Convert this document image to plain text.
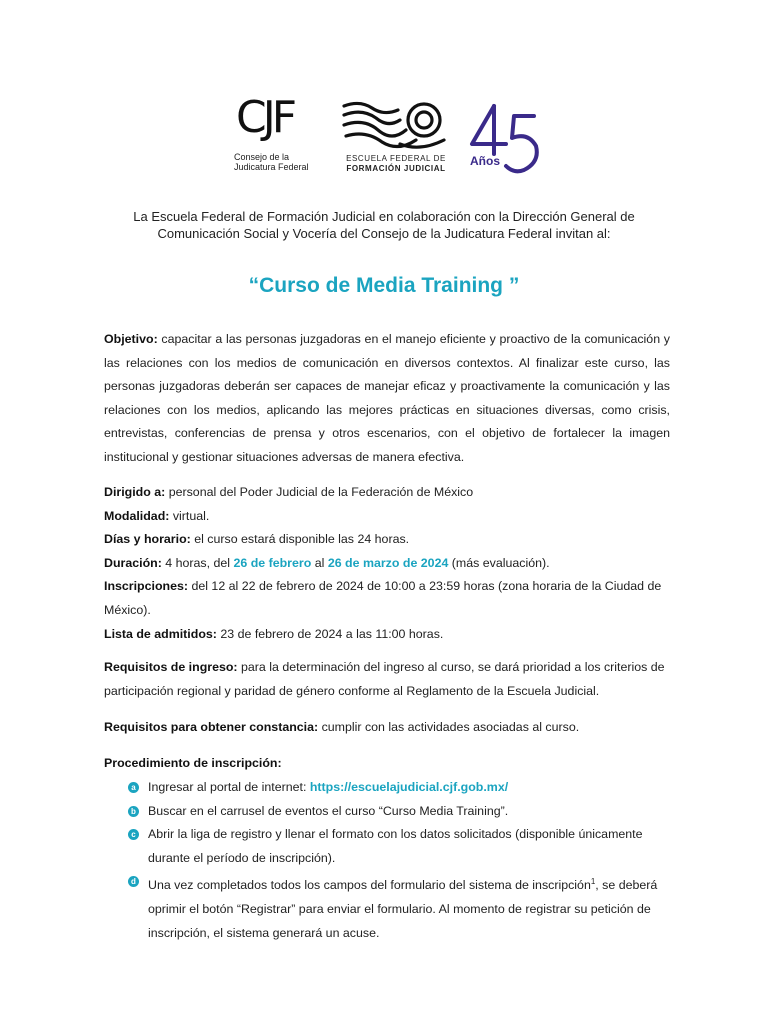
CJF
Consejo de la
Judicatura Federal
ESCUELA FEDERAL DE
FORMACIÓN JUDICIAL
Años
La Escuela Federal de Formación Judicial en colaboración con la Dirección General de Comunicación Social y Vocería del Consejo de la Judicatura Federal invitan al:
“Curso de Media Training ”
Objetivo: capacitar a las personas juzgadoras en el manejo eficiente y proactivo de la comunicación y las relaciones con los medios de comunicación en diversos contextos. Al finalizar este curso, las personas juzgadoras deberán ser capaces de manejar eficaz y proactivamente la comunicación y las relaciones con los medios, aplicando las mejores prácticas en situaciones diversas, como crisis, entrevistas, conferencias de prensa y otros escenarios, con el objetivo de fortalecer la imagen institucional y gestionar situaciones adversas de manera efectiva.
Dirigido a: personal del Poder Judicial de la Federación de México
Modalidad: virtual.
Días y horario: el curso estará disponible las 24 horas.
Duración: 4 horas, del 26 de febrero al 26 de marzo de 2024 (más evaluación).
Inscripciones: del 12 al 22 de febrero de 2024 de 10:00 a 23:59 horas (zona horaria de la Ciudad de México).
Lista de admitidos: 23 de febrero de 2024 a las 11:00 horas.
Requisitos de ingreso: para la determinación del ingreso al curso, se dará prioridad a los criterios de participación regional y paridad de género conforme al Reglamento de la Escuela Judicial.
Requisitos para obtener constancia: cumplir con las actividades asociadas al curso.
Procedimiento de inscripción:
a Ingresar al portal de internet: https://escuelajudicial.cjf.gob.mx/
b Buscar en el carrusel de eventos el curso “Curso Media Training”.
c Abrir la liga de registro y llenar el formato con los datos solicitados (disponible únicamente durante el período de inscripción).
d Una vez completados todos los campos del formulario del sistema de inscripción$^1$, se deberá oprimir el botón “Registrar” para enviar el formulario. Al momento de registrar su petición de inscripción, el sistema generará un acuse.
